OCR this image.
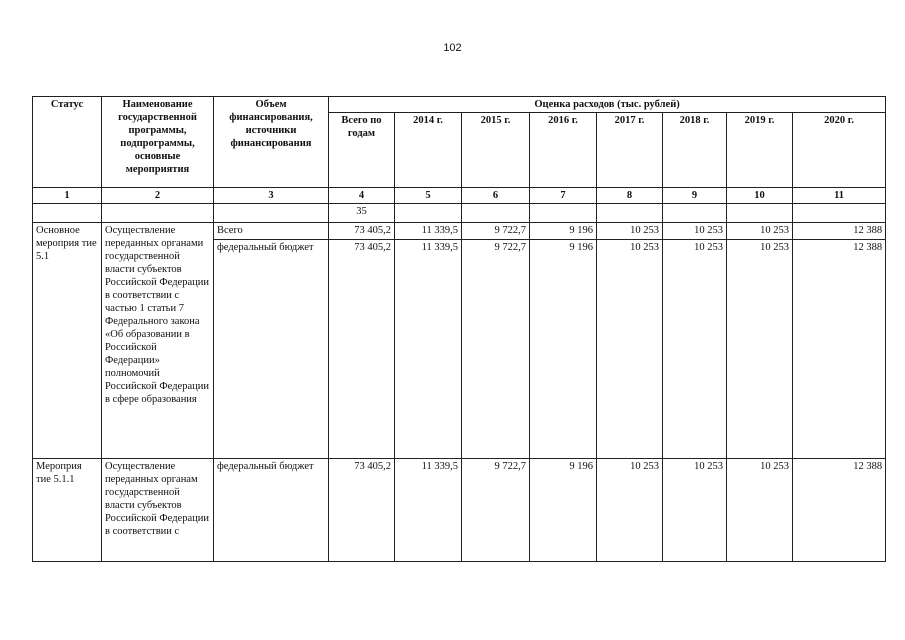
102
Статус	Наименование государственной программы, подпрограммы, основные мероприятия	Объем финансирования, источники финансирования	Оценка расходов (тыс. рублей)							
			Всего по годам	2014 г.	2015 г.	2016 г.	2017 г.	2018 г.	2019 г.	2020 г.
1	2	3	4	5	6	7	8	9	10	11
			35							
Основное мероприя тие 5.1	Осуществление переданных органами государственной власти субъектов Российской Федерации в соответствии с частью 1 статьи 7 Федерального закона «Об образовании в Российской Федерации» полномочий Российской Федерации в сфере образования	Всего	73 405,2	11 339,5	9 722,7	9 196	10 253	10 253	10 253	12 388
		федеральный бюджет	73 405,2	11 339,5	9 722,7	9 196	10 253	10 253	10 253	12 388
Мероприя тие 5.1.1	Осуществление переданных органам государственной власти субъектов Российской Федерации в соответствии с	федеральный бюджет	73 405,2	11 339,5	9 722,7	9 196	10 253	10 253	10 253	12 388
